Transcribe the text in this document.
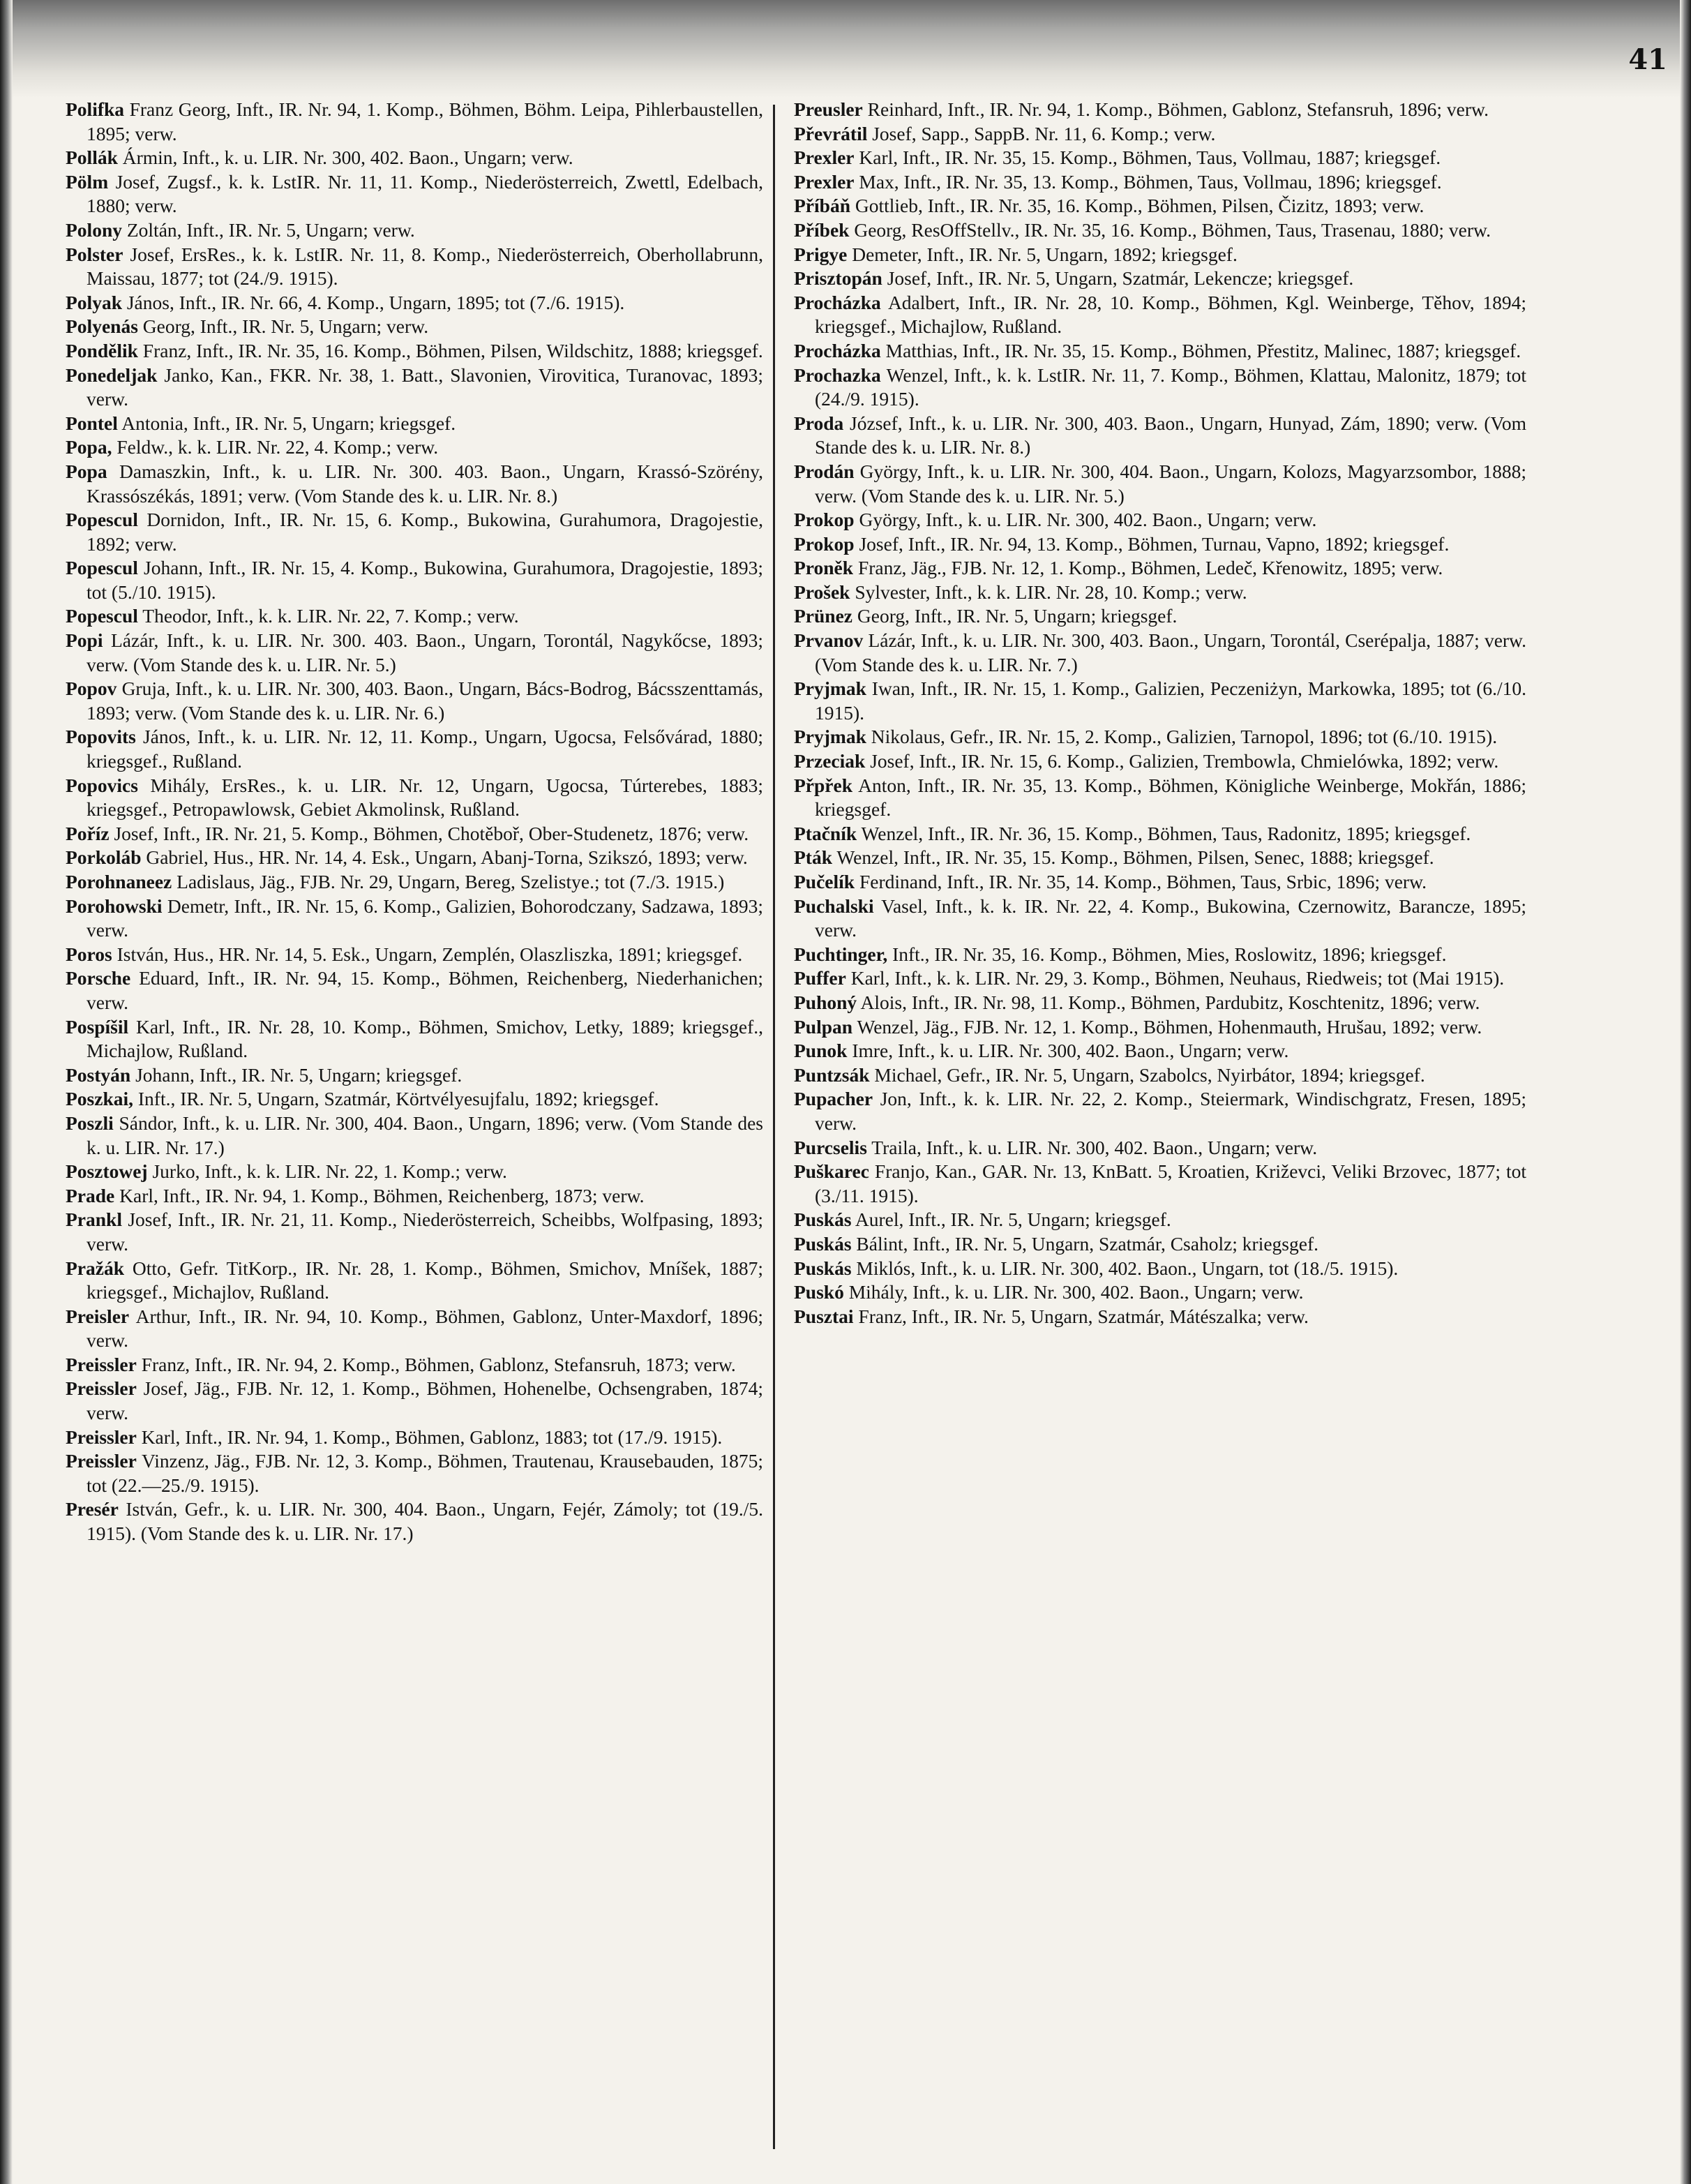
41

Polifka Franz Georg, Inft., IR. Nr. 94, 1. Komp., Böhmen, Böhm. Leipa, Pihlerbaustellen, 1895; verw.

Pollák Ármin, Inft., k. u. LIR. Nr. 300, 402. Baon., Ungarn; verw.

Pölm Josef, Zugsf., k. k. LstIR. Nr. 11, 11. Komp., Niederösterreich, Zwettl, Edelbach, 1880; verw.

Polony Zoltán, Inft., IR. Nr. 5, Ungarn; verw.

Polster Josef, ErsRes., k. k. LstIR. Nr. 11, 8. Komp., Niederösterreich, Oberhollabrunn, Maissau, 1877; tot (24./9. 1915).

Polyak János, Inft., IR. Nr. 66, 4. Komp., Ungarn, 1895; tot (7./6. 1915).

Polyenás Georg, Inft., IR. Nr. 5, Ungarn; verw.

Pondělik Franz, Inft., IR. Nr. 35, 16. Komp., Böhmen, Pilsen, Wildschitz, 1888; kriegsgef.

Ponedeljak Janko, Kan., FKR. Nr. 38, 1. Batt., Slavonien, Virovitica, Turanovac, 1893; verw.

Pontel Antonia, Inft., IR. Nr. 5, Ungarn; kriegsgef.

Popa, Feldw., k. k. LIR. Nr. 22, 4. Komp.; verw.

Popa Damaszkin, Inft., k. u. LIR. Nr. 300. 403. Baon., Ungarn, Krassó-Szörény, Krassószékás, 1891; verw. (Vom Stande des k. u. LIR. Nr. 8.)

Popescul Dornidon, Inft., IR. Nr. 15, 6. Komp., Bukowina, Gurahumora, Dragojestie, 1892; verw.

Popescul Johann, Inft., IR. Nr. 15, 4. Komp., Bukowina, Gurahumora, Dragojestie, 1893; tot (5./10. 1915).

Popescul Theodor, Inft., k. k. LIR. Nr. 22, 7. Komp.; verw.

Popi Lázár, Inft., k. u. LIR. Nr. 300. 403. Baon., Ungarn, Torontál, Nagykőcse, 1893; verw. (Vom Stande des k. u. LIR. Nr. 5.)

Popov Gruja, Inft., k. u. LIR. Nr. 300, 403. Baon., Ungarn, Bács-Bodrog, Bácsszenttamás, 1893; verw. (Vom Stande des k. u. LIR. Nr. 6.)

Popovits János, Inft., k. u. LIR. Nr. 12, 11. Komp., Ungarn, Ugocsa, Felsővárad, 1880; kriegsgef., Rußland.

Popovics Mihály, ErsRes., k. u. LIR. Nr. 12, Ungarn, Ugocsa, Túrterebes, 1883; kriegsgef., Petropawlowsk, Gebiet Akmolinsk, Rußland.

Poříz Josef, Inft., IR. Nr. 21, 5. Komp., Böhmen, Chotěboř, Ober-Studenetz, 1876; verw.

Porkoláb Gabriel, Hus., HR. Nr. 14, 4. Esk., Ungarn, Abanj-Torna, Szikszó, 1893; verw.

Porohnaneez Ladislaus, Jäg., FJB. Nr. 29, Ungarn, Bereg, Szelistye.; tot (7./3. 1915.)

Porohowski Demetr, Inft., IR. Nr. 15, 6. Komp., Galizien, Bohorodczany, Sadzawa, 1893; verw.

Poros István, Hus., HR. Nr. 14, 5. Esk., Ungarn, Zemplén, Olaszliszka, 1891; kriegsgef.

Porsche Eduard, Inft., IR. Nr. 94, 15. Komp., Böhmen, Reichenberg, Niederhanichen; verw.

Pospíšil Karl, Inft., IR. Nr. 28, 10. Komp., Böhmen, Smichov, Letky, 1889; kriegsgef., Michajlow, Rußland.

Postyán Johann, Inft., IR. Nr. 5, Ungarn; kriegsgef.

Poszkai, Inft., IR. Nr. 5, Ungarn, Szatmár, Körtvélyesujfalu, 1892; kriegsgef.

Poszli Sándor, Inft., k. u. LIR. Nr. 300, 404. Baon., Ungarn, 1896; verw. (Vom Stande des k. u. LIR. Nr. 17.)

Posztowej Jurko, Inft., k. k. LIR. Nr. 22, 1. Komp.; verw.

Prade Karl, Inft., IR. Nr. 94, 1. Komp., Böhmen, Reichenberg, 1873; verw.

Prankl Josef, Inft., IR. Nr. 21, 11. Komp., Niederösterreich, Scheibbs, Wolfpasing, 1893; verw.

Pražák Otto, Gefr. TitKorp., IR. Nr. 28, 1. Komp., Böhmen, Smichov, Mníšek, 1887; kriegsgef., Michajlov, Rußland.

Preisler Arthur, Inft., IR. Nr. 94, 10. Komp., Böhmen, Gablonz, Unter-Maxdorf, 1896; verw.

Preissler Franz, Inft., IR. Nr. 94, 2. Komp., Böhmen, Gablonz, Stefansruh, 1873; verw.

Preissler Josef, Jäg., FJB. Nr. 12, 1. Komp., Böhmen, Hohenelbe, Ochsengraben, 1874; verw.

Preissler Karl, Inft., IR. Nr. 94, 1. Komp., Böhmen, Gablonz, 1883; tot (17./9. 1915).

Preissler Vinzenz, Jäg., FJB. Nr. 12, 3. Komp., Böhmen, Trautenau, Krausebauden, 1875; tot (22.—25./9. 1915).

Presér István, Gefr., k. u. LIR. Nr. 300, 404. Baon., Ungarn, Fejér, Zámoly; tot (19./5. 1915). (Vom Stande des k. u. LIR. Nr. 17.)

Preusler Reinhard, Inft., IR. Nr. 94, 1. Komp., Böhmen, Gablonz, Stefansruh, 1896; verw.

Převrátil Josef, Sapp., SappB. Nr. 11, 6. Komp.; verw.

Prexler Karl, Inft., IR. Nr. 35, 15. Komp., Böhmen, Taus, Vollmau, 1887; kriegsgef.

Prexler Max, Inft., IR. Nr. 35, 13. Komp., Böhmen, Taus, Vollmau, 1896; kriegsgef.

Příbáň Gottlieb, Inft., IR. Nr. 35, 16. Komp., Böhmen, Pilsen, Čizitz, 1893; verw.

Příbek Georg, ResOffStellv., IR. Nr. 35, 16. Komp., Böhmen, Taus, Trasenau, 1880; verw.

Prigye Demeter, Inft., IR. Nr. 5, Ungarn, 1892; kriegsgef.

Prisztopán Josef, Inft., IR. Nr. 5, Ungarn, Szatmár, Lekencze; kriegsgef.

Procházka Adalbert, Inft., IR. Nr. 28, 10. Komp., Böhmen, Kgl. Weinberge, Těhov, 1894; kriegsgef., Michajlow, Rußland.

Procházka Matthias, Inft., IR. Nr. 35, 15. Komp., Böhmen, Přestitz, Malinec, 1887; kriegsgef.

Prochazka Wenzel, Inft., k. k. LstIR. Nr. 11, 7. Komp., Böhmen, Klattau, Malonitz, 1879; tot (24./9. 1915).

Proda József, Inft., k. u. LIR. Nr. 300, 403. Baon., Ungarn, Hunyad, Zám, 1890; verw. (Vom Stande des k. u. LIR. Nr. 8.)

Prodán György, Inft., k. u. LIR. Nr. 300, 404. Baon., Ungarn, Kolozs, Magyarzsombor, 1888; verw. (Vom Stande des k. u. LIR. Nr. 5.)

Prokop György, Inft., k. u. LIR. Nr. 300, 402. Baon., Ungarn; verw.

Prokop Josef, Inft., IR. Nr. 94, 13. Komp., Böhmen, Turnau, Vapno, 1892; kriegsgef.

Proněk Franz, Jäg., FJB. Nr. 12, 1. Komp., Böhmen, Ledeč, Křenowitz, 1895; verw.

Prošek Sylvester, Inft., k. k. LIR. Nr. 28, 10. Komp.; verw.

Prünez Georg, Inft., IR. Nr. 5, Ungarn; kriegsgef.

Prvanov Lázár, Inft., k. u. LIR. Nr. 300, 403. Baon., Ungarn, Torontál, Cserépalja, 1887; verw. (Vom Stande des k. u. LIR. Nr. 7.)

Pryjmak Iwan, Inft., IR. Nr. 15, 1. Komp., Galizien, Peczeniżyn, Markowka, 1895; tot (6./10. 1915).

Pryjmak Nikolaus, Gefr., IR. Nr. 15, 2. Komp., Galizien, Tarnopol, 1896; tot (6./10. 1915).

Przeciak Josef, Inft., IR. Nr. 15, 6. Komp., Galizien, Trembowla, Chmielówka, 1892; verw.

Přpřek Anton, Inft., IR. Nr. 35, 13. Komp., Böhmen, Königliche Weinberge, Mokřán, 1886; kriegsgef.

Ptačník Wenzel, Inft., IR. Nr. 36, 15. Komp., Böhmen, Taus, Radonitz, 1895; kriegsgef.

Pták Wenzel, Inft., IR. Nr. 35, 15. Komp., Böhmen, Pilsen, Senec, 1888; kriegsgef.

Pučelík Ferdinand, Inft., IR. Nr. 35, 14. Komp., Böhmen, Taus, Srbic, 1896; verw.

Puchalski Vasel, Inft., k. k. IR. Nr. 22, 4. Komp., Bukowina, Czernowitz, Barancze, 1895; verw.

Puchtinger, Inft., IR. Nr. 35, 16. Komp., Böhmen, Mies, Roslowitz, 1896; kriegsgef.

Puffer Karl, Inft., k. k. LIR. Nr. 29, 3. Komp., Böhmen, Neuhaus, Riedweis; tot (Mai 1915).

Puhoný Alois, Inft., IR. Nr. 98, 11. Komp., Böhmen, Pardubitz, Koschtenitz, 1896; verw.

Pulpan Wenzel, Jäg., FJB. Nr. 12, 1. Komp., Böhmen, Hohenmauth, Hrušau, 1892; verw.

Punok Imre, Inft., k. u. LIR. Nr. 300, 402. Baon., Ungarn; verw.

Puntzsák Michael, Gefr., IR. Nr. 5, Ungarn, Szabolcs, Nyirbátor, 1894; kriegsgef.

Pupacher Jon, Inft., k. k. LIR. Nr. 22, 2. Komp., Steiermark, Windischgratz, Fresen, 1895; verw.

Purcselis Traila, Inft., k. u. LIR. Nr. 300, 402. Baon., Ungarn; verw.

Puškarec Franjo, Kan., GAR. Nr. 13, KnBatt. 5, Kroatien, Križevci, Veliki Brzovec, 1877; tot (3./11. 1915).

Puskás Aurel, Inft., IR. Nr. 5, Ungarn; kriegsgef.

Puskás Bálint, Inft., IR. Nr. 5, Ungarn, Szatmár, Csaholz; kriegsgef.

Puskás Miklós, Inft., k. u. LIR. Nr. 300, 402. Baon., Ungarn, tot (18./5. 1915).

Puskó Mihály, Inft., k. u. LIR. Nr. 300, 402. Baon., Ungarn; verw.

Pusztai Franz, Inft., IR. Nr. 5, Ungarn, Szatmár, Mátészalka; verw.
